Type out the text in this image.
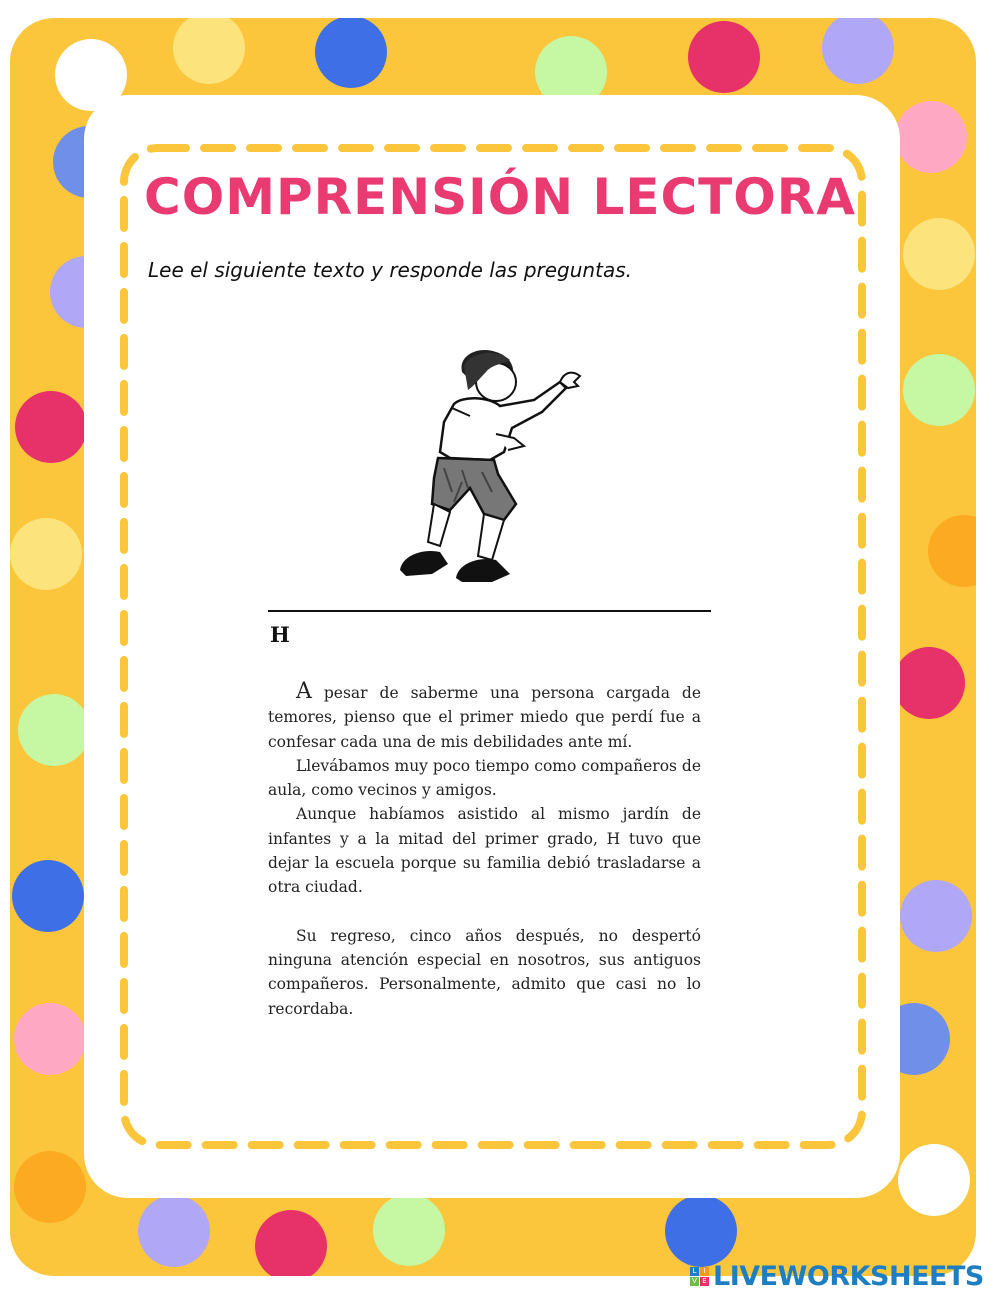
COMPRENSIÓN LECTORA
Lee el siguiente texto y responde las preguntas.
H

A pesar de saberme una persona cargada de temores, pienso que el primer miedo que perdí fue a confesar cada una de mis debilidades ante mí.

Llevábamos muy poco tiempo como compañeros de aula, como vecinos y amigos.

Aunque habíamos asistido al mismo jardín de infantes y a la mitad del primer grado, H tuvo que dejar la escuela porque su familia debió trasladarse a otra ciudad.

Su regreso, cinco años después, no despertó ninguna atención especial en nosotros, sus antiguos compañeros. Personalmente, admito que casi no lo recordaba.

L	I
V E LIVEWORKSHEETS
